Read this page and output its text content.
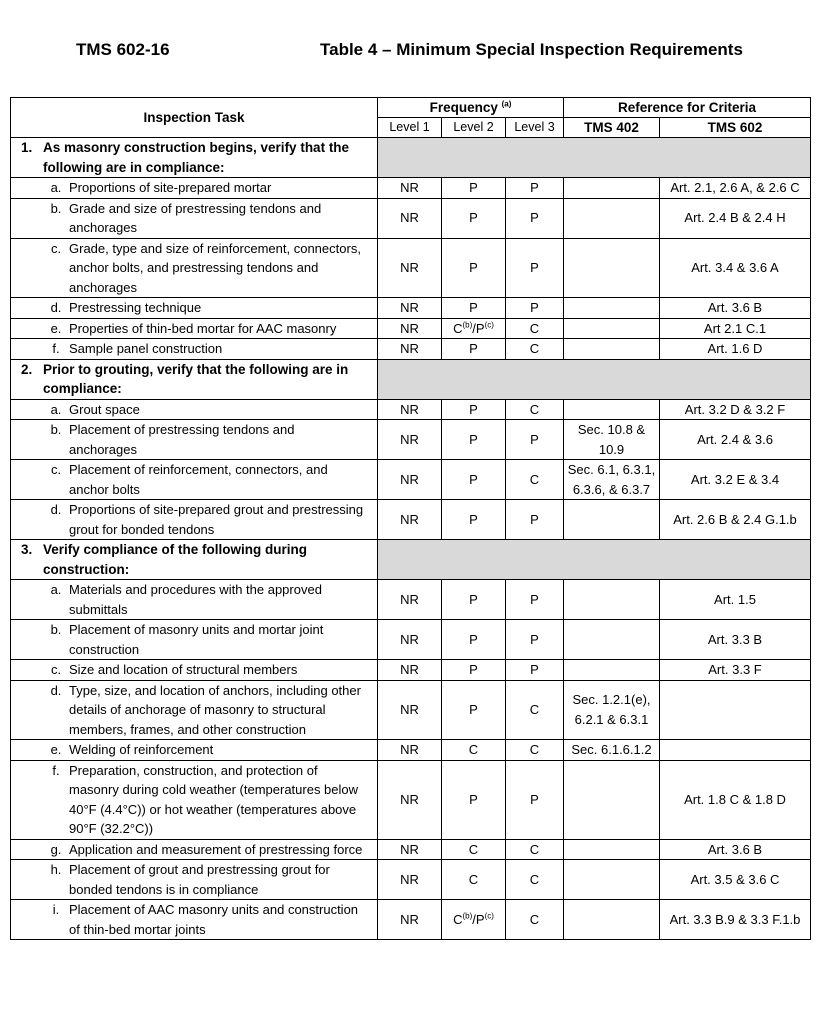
TMS 602-16	Table 4 – Minimum Special Inspection Requirements
Inspection Task	Frequency $^{(a)}$			Reference for Criteria	
	Level 1	Level 2	Level 3	TMS 402	TMS 602
1. As masonry construction begins, verify that the following are in compliance:					
a. Proportions of site-prepared mortar	NR	P	P		Art. 2.1, 2.6 A, & 2.6 C
b. Grade and size of prestressing tendons and anchorages	NR	P	P		Art. 2.4 B & 2.4 H
c. Grade, type and size of reinforcement, connectors, anchor bolts, and prestressing tendons and anchorages	NR	P	P		Art. 3.4 & 3.6 A
d. Prestressing technique	NR	P	P		Art. 3.6 B
e. Properties of thin-bed mortar for AAC masonry	NR	$C^{(b)}/P^{(c)}$	C		Art 2.1 C.1
f. Sample panel construction	NR	P	C		Art. 1.6 D
2. Prior to grouting, verify that the following are in compliance:					
a. Grout space	NR	P	C		Art. 3.2 D & 3.2 F
b. Placement of prestressing tendons and anchorages	NR	P	P	Sec. 10.8 & 10.9	Art. 2.4 & 3.6
c. Placement of reinforcement, connectors, and anchor bolts	NR	P	C	Sec. 6.1, 6.3.1, 6.3.6, & 6.3.7	Art. 3.2 E & 3.4
d. Proportions of site-prepared grout and prestressing grout for bonded tendons	NR	P	P		Art. 2.6 B & 2.4 G.1.b
3. Verify compliance of the following during construction:					
a. Materials and procedures with the approved submittals	NR	P	P		Art. 1.5
b. Placement of masonry units and mortar joint construction	NR	P	P		Art. 3.3 B
c. Size and location of structural members	NR	P	P		Art. 3.3 F
d. Type, size, and location of anchors, including other details of anchorage of masonry to structural members, frames, and other construction	NR	P	C	Sec. 1.2.1(e), 6.2.1 & 6.3.1	
e. Welding of reinforcement	NR	C	C	Sec. 6.1.6.1.2	
f. Preparation, construction, and protection of masonry during cold weather (temperatures below 40°F (4.4°C)) or hot weather (temperatures above 90°F (32.2°C))	NR	P	P		Art. 1.8 C & 1.8 D
g. Application and measurement of prestressing force	NR	C	C		Art. 3.6 B
h. Placement of grout and prestressing grout for bonded tendons is in compliance	NR	C	C		Art. 3.5 & 3.6 C
i. Placement of AAC masonry units and construction of thin-bed mortar joints	NR	$C^{(b)}/P^{(c)}$	C		Art. 3.3 B.9 & 3.3 F.1.b
